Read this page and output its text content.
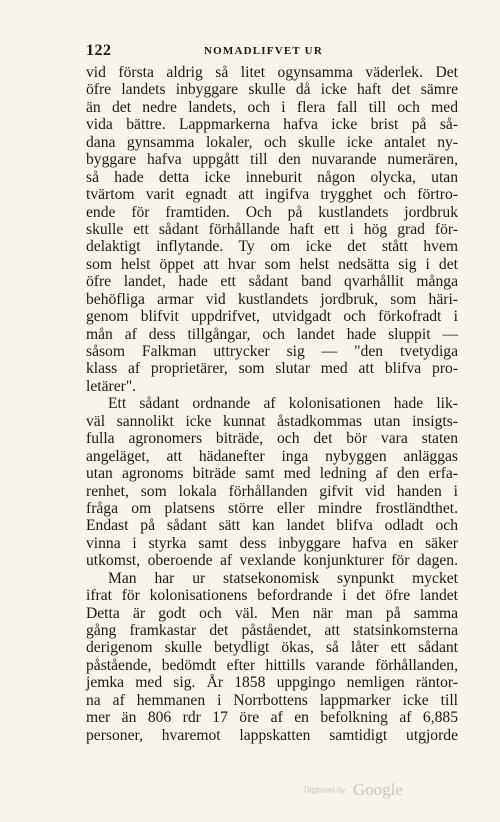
122	NOMADLIFVET UR
vid första aldrig så litet ogynsamma väderlek. Det
öfre landets inbyggare skulle då icke haft det sämre
än det nedre landets, och i flera fall till och med
vida bättre. Lappmarkerna hafva icke brist på så-
dana gynsamma lokaler, och skulle icke antalet ny-
byggare hafva uppgått till den nuvarande numerären,
så hade detta icke inneburit någon olycka, utan
tvärtom varit egnadt att ingifva trygghet och förtro-
ende för framtiden. Och på kustlandets jordbruk
skulle ett sådant förhållande haft ett i hög grad för-
delaktigt inflytande. Ty om icke det stått hvem
som helst öppet att hvar som helst nedsätta sig i det
öfre landet, hade ett sådant band qvarhållit många
behöfliga armar vid kustlandets jordbruk, som häri-
genom blifvit uppdrifvet, utvidgadt och förkofradt i
mån af dess tillgångar, och landet hade sluppit —
såsom Falkman uttrycker sig — "den tvetydiga
klass af proprietärer, som slutar med att blifva pro-
letärer".
Ett sådant ordnande af kolonisationen hade lik-
väl sannolikt icke kunnat åstadkommas utan insigts-
fulla agronomers biträde, och det bör vara staten
angeläget, att hädanefter inga nybyggen anläggas
utan agronoms biträde samt med ledning af den erfa-
renhet, som lokala förhållanden gifvit vid handen i
fråga om platsens större eller mindre frostländthet.
Endast på sådant sätt kan landet blifva odladt och
vinna i styrka samt dess inbyggare hafva en säker
utkomst, oberoende af vexlande konjunkturer för dagen.
Man har ur statsekonomisk synpunkt mycket
ifrat för kolonisationens befordrande i det öfre landet
Detta är godt och väl. Men när man på samma
gång framkastar det påståendet, att statsinkomsterna
derigenom skulle betydligt ökas, så låter ett sådant
påstående, bedömdt efter hittills varande förhållanden,
jemka med sig. År 1858 uppgingo nemligen räntor-
na af hemmanen i Norrbottens lappmarker icke till
mer än 806 rdr 17 öre af en befolkning af 6,885
personer, hvaremot lappskatten samtidigt utgjorde
Digitized by Google
